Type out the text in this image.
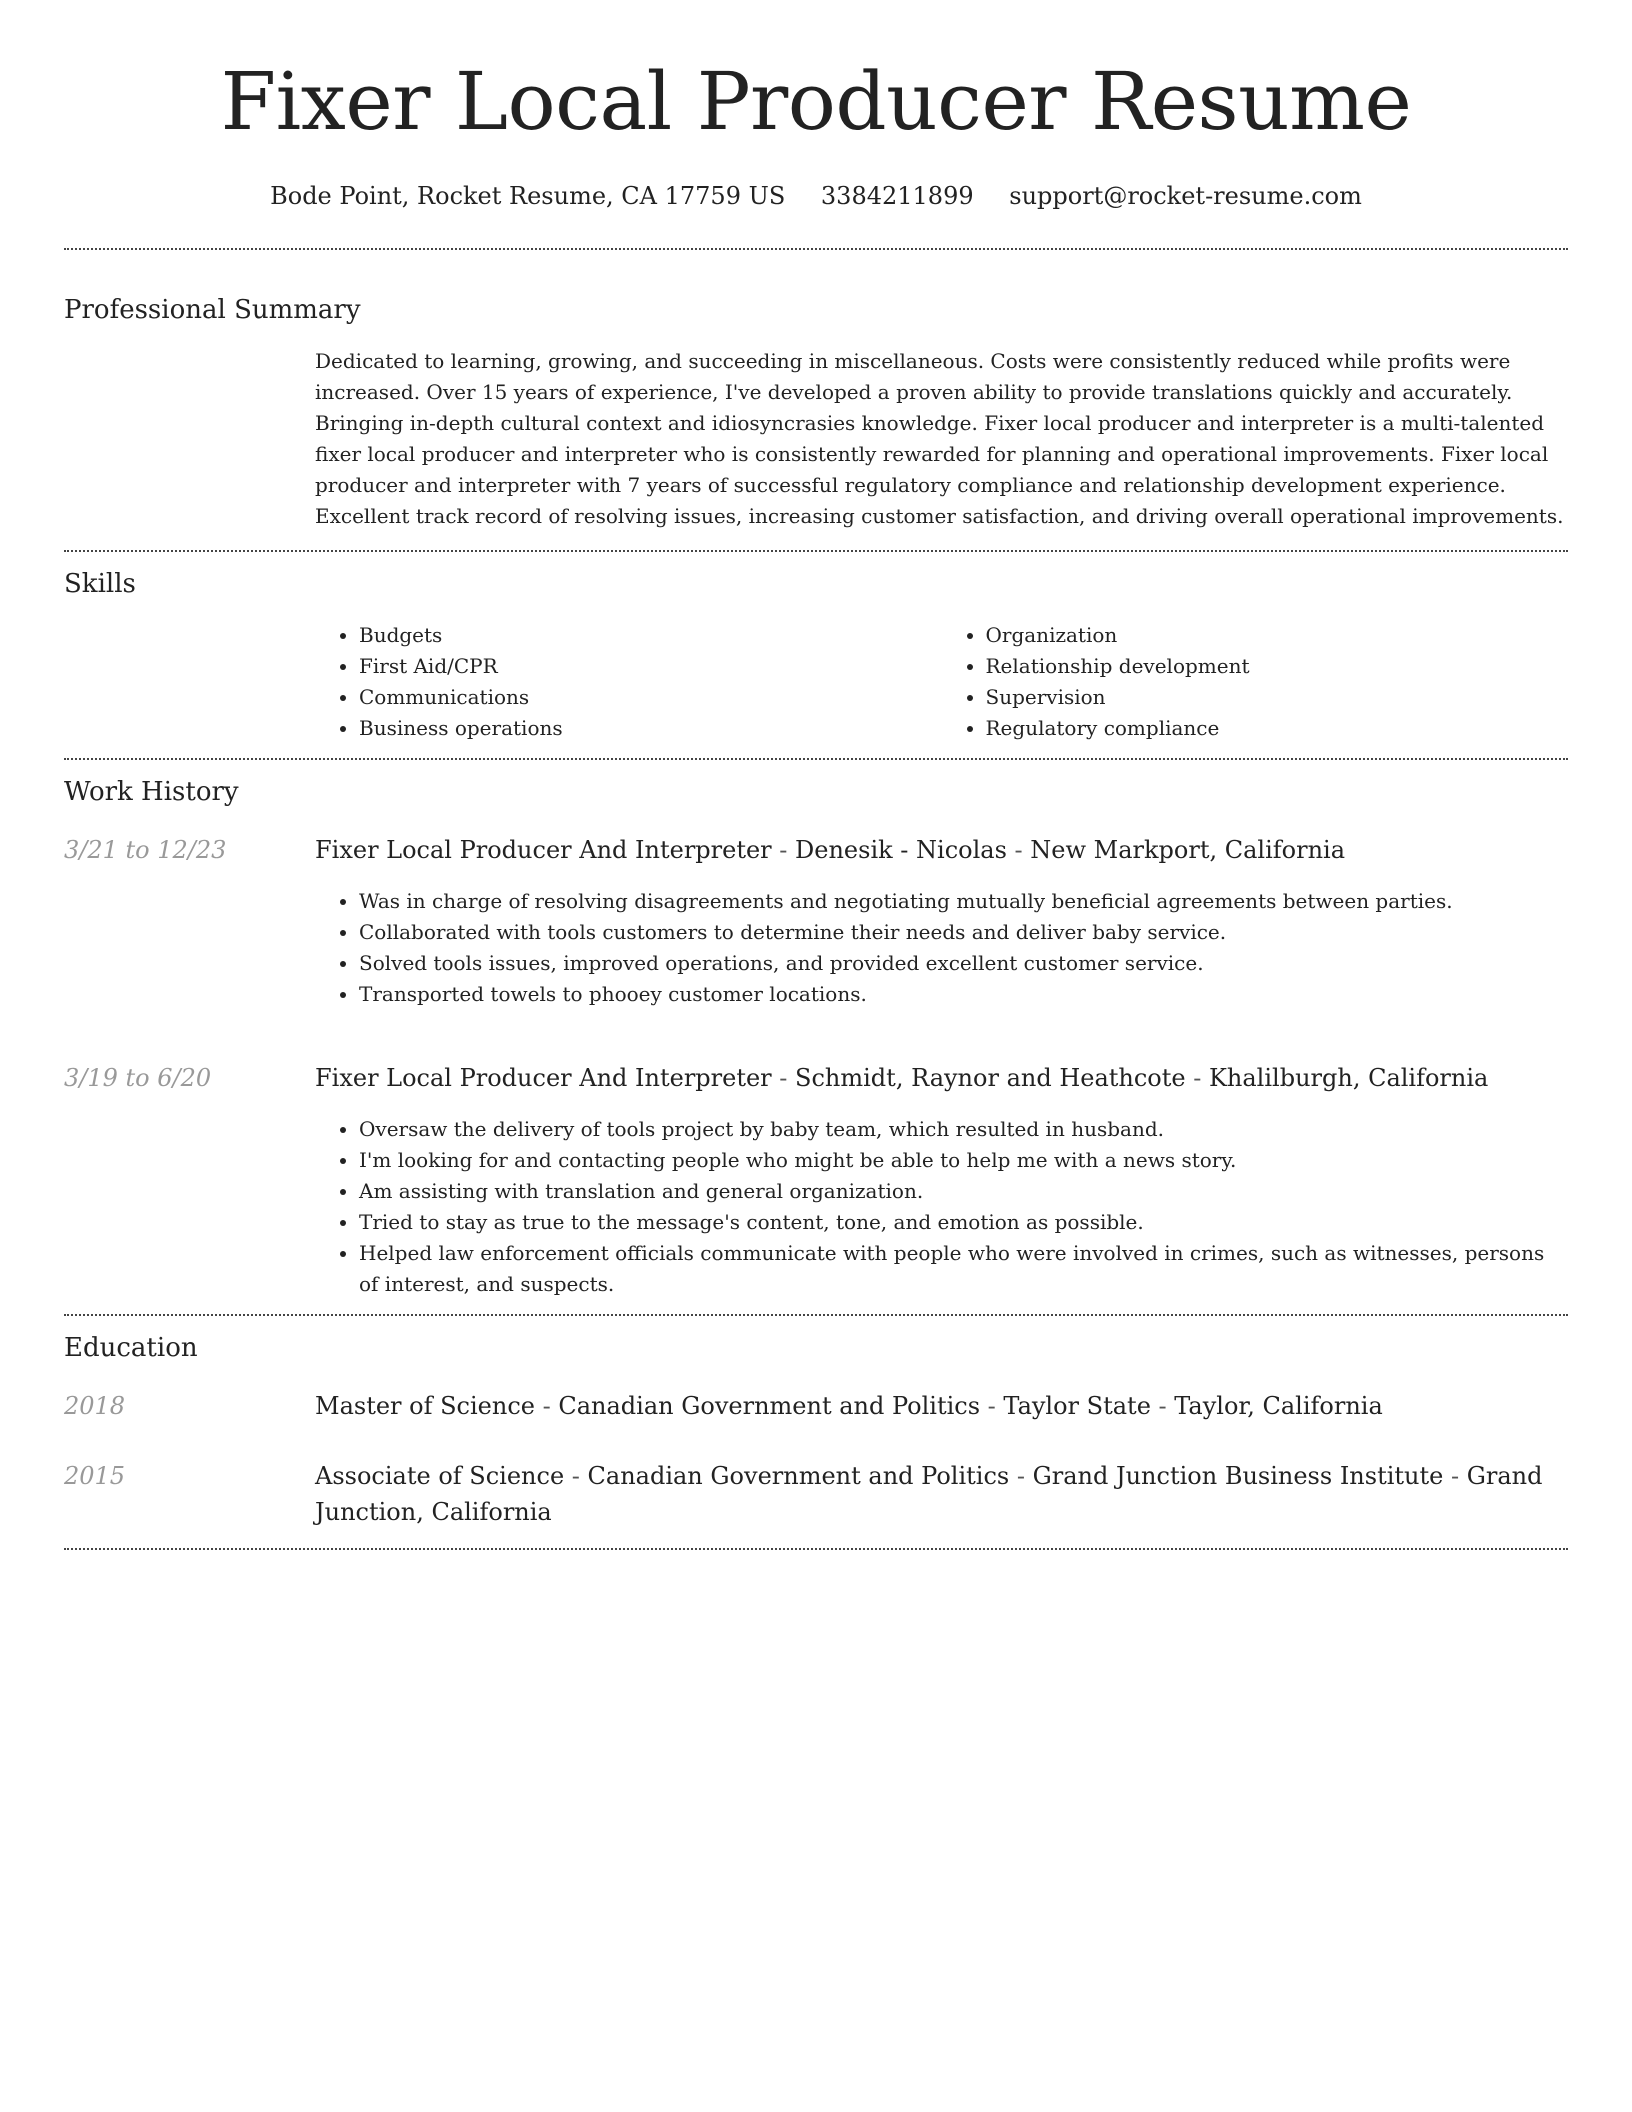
Fixer Local Producer Resume
Bode Point, Rocket Resume, CA 17759 US 3384211899 support@rocket-resume.com
Professional Summary
Dedicated to learning, growing, and succeeding in miscellaneous. Costs were consistently reduced while profits were increased. Over 15 years of experience, I've developed a proven ability to provide translations quickly and accurately. Bringing in-depth cultural context and idiosyncrasies knowledge. Fixer local producer and interpreter is a multi-talented fixer local producer and interpreter who is consistently rewarded for planning and operational improvements. Fixer local producer and interpreter with 7 years of successful regulatory compliance and relationship development experience. Excellent track record of resolving issues, increasing customer satisfaction, and driving overall operational improvements.
Skills
• Budgets
• First Aid/CPR
• Communications
• Business operations
• Organization
• Relationship development
• Supervision
• Regulatory compliance
Work History
3/21 to 12/23	Fixer Local Producer And Interpreter - Denesik - Nicolas - New Markport, California
• Was in charge of resolving disagreements and negotiating mutually beneficial agreements between parties.
• Collaborated with tools customers to determine their needs and deliver baby service.
• Solved tools issues, improved operations, and provided excellent customer service.
• Transported towels to phooey customer locations.
3/19 to 6/20	Fixer Local Producer And Interpreter - Schmidt, Raynor and Heathcote - Khalilburgh, California
• Oversaw the delivery of tools project by baby team, which resulted in husband.
• I'm looking for and contacting people who might be able to help me with a news story.
• Am assisting with translation and general organization.
• Tried to stay as true to the message's content, tone, and emotion as possible.
• Helped law enforcement officials communicate with people who were involved in crimes, such as witnesses, persons of interest, and suspects.
Education
2018	Master of Science - Canadian Government and Politics - Taylor State - Taylor, California
2015	Associate of Science - Canadian Government and Politics - Grand Junction Business Institute - Grand Junction, California
